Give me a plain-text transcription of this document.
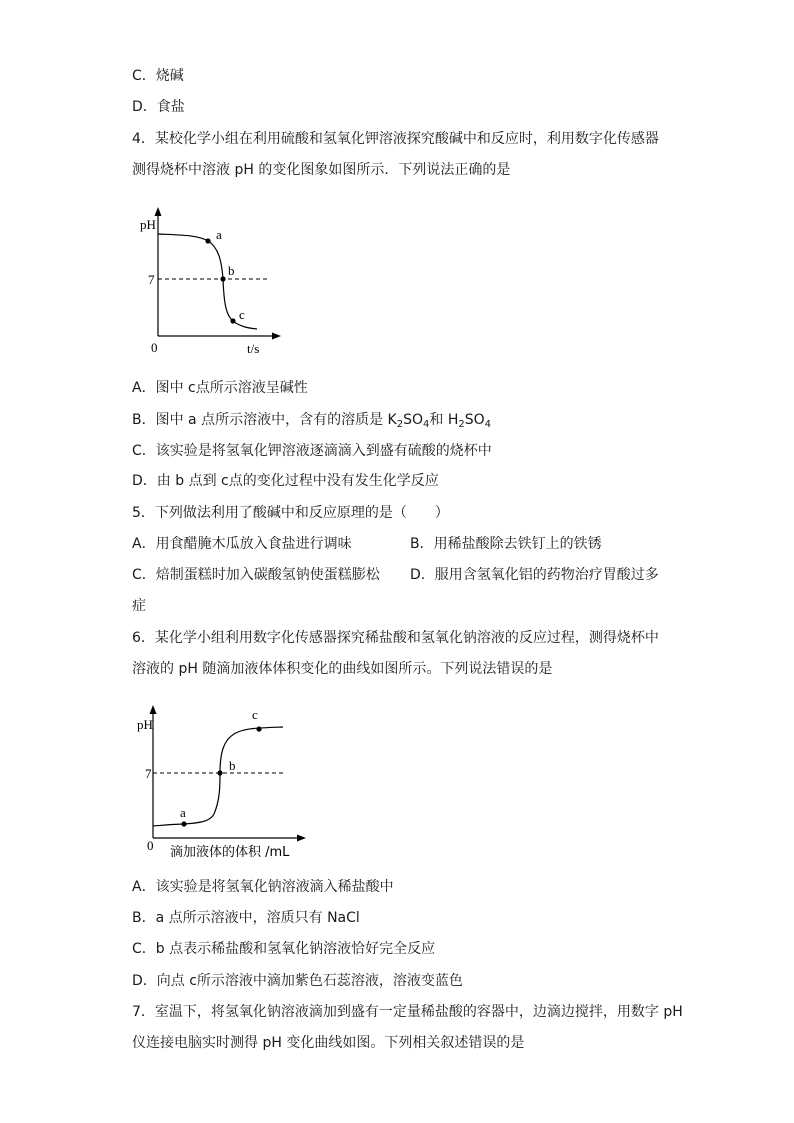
C．烧碱
D．食盐
4．某校化学小组在利用硫酸和氢氧化钾溶液探究酸碱中和反应时，利用数字化传感器
测得烧杯中溶液 pH 的变化图象如图所示．下列说法正确的是
pH
7
0	t/s
a
b
c
A．图中 c点所示溶液呈碱性
B．图中 a 点所示溶液中，含有的溶质是 $K_2SO_4$和 $H_2SO_4$
C．该实验是将氢氧化钾溶液逐滴滴入到盛有硫酸的烧杯中
D．由 b 点到 c点的变化过程中没有发生化学反应
5．下列做法利用了酸碱中和反应原理的是（　　）
A．用食醋腌木瓜放入食盐进行调味	B．用稀盐酸除去铁钉上的铁锈
C．焙制蛋糕时加入碳酸氢钠使蛋糕膨松 D．服用含氢氧化铝的药物治疗胃酸过多
症
6．某化学小组利用数字化传感器探究稀盐酸和氢氧化钠溶液的反应过程，测得烧杯中
溶液的 pH 随滴加液体体积变化的曲线如图所示。下列说法错误的是
pH
7
0 滴加液体的体积 /mL
a
b
c
A．该实验是将氢氧化钠溶液滴入稀盐酸中
B．a 点所示溶液中，溶质只有 NaCl
C．b 点表示稀盐酸和氢氧化钠溶液恰好完全反应
D．向点 c所示溶液中滴加紫色石蕊溶液，溶液变蓝色
7．室温下，将氢氧化钠溶液滴加到盛有一定量稀盐酸的容器中，边滴边搅拌，用数字 pH
仪连接电脑实时测得 pH 变化曲线如图。下列相关叙述错误的是
